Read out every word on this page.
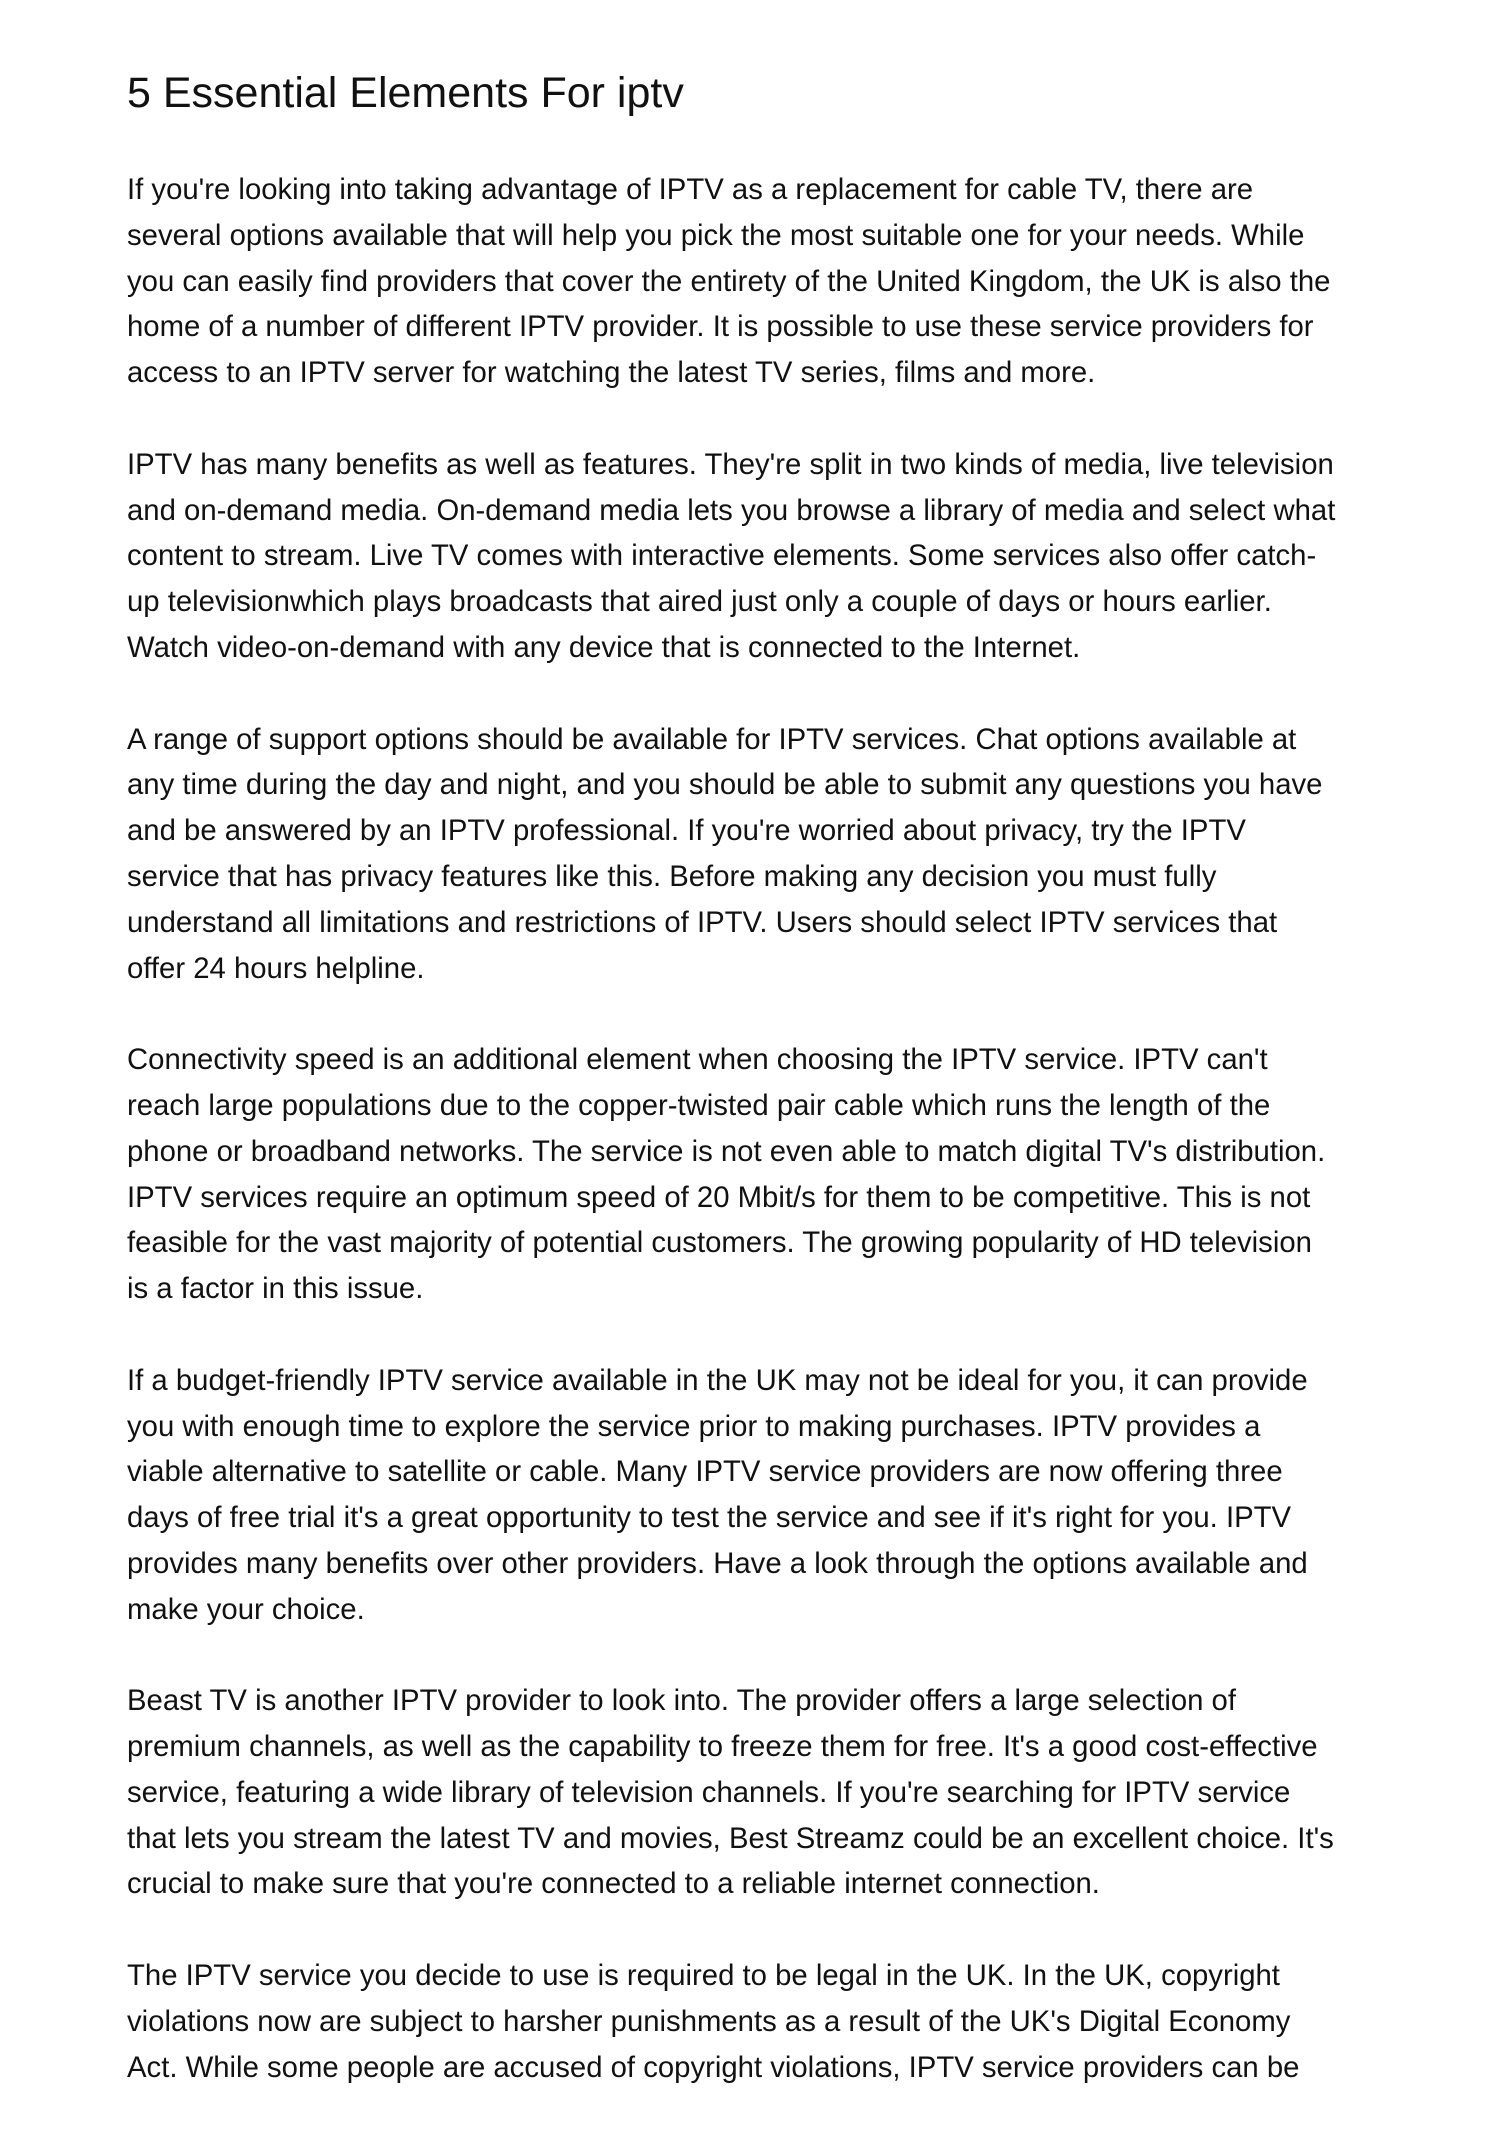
5 Essential Elements For iptv

If you're looking into taking advantage of IPTV as a replacement for cable TV, there are
several options available that will help you pick the most suitable one for your needs. While
you can easily find providers that cover the entirety of the United Kingdom, the UK is also the
home of a number of different IPTV provider. It is possible to use these service providers for
access to an IPTV server for watching the latest TV series, films and more.

IPTV has many benefits as well as features. They're split in two kinds of media, live television
and on-demand media. On-demand media lets you browse a library of media and select what
content to stream. Live TV comes with interactive elements. Some services also offer catch-
up televisionwhich plays broadcasts that aired just only a couple of days or hours earlier.
Watch video-on-demand with any device that is connected to the Internet.

A range of support options should be available for IPTV services. Chat options available at
any time during the day and night, and you should be able to submit any questions you have
and be answered by an IPTV professional. If you're worried about privacy, try the IPTV
service that has privacy features like this. Before making any decision you must fully
understand all limitations and restrictions of IPTV. Users should select IPTV services that
offer 24 hours helpline.

Connectivity speed is an additional element when choosing the IPTV service. IPTV can't
reach large populations due to the copper-twisted pair cable which runs the length of the
phone or broadband networks. The service is not even able to match digital TV's distribution.
IPTV services require an optimum speed of 20 Mbit/s for them to be competitive. This is not
feasible for the vast majority of potential customers. The growing popularity of HD television
is a factor in this issue.

If a budget-friendly IPTV service available in the UK may not be ideal for you, it can provide
you with enough time to explore the service prior to making purchases. IPTV provides a
viable alternative to satellite or cable. Many IPTV service providers are now offering three
days of free trial it's a great opportunity to test the service and see if it's right for you. IPTV
provides many benefits over other providers. Have a look through the options available and
make your choice.

Beast TV is another IPTV provider to look into. The provider offers a large selection of
premium channels, as well as the capability to freeze them for free. It's a good cost-effective
service, featuring a wide library of television channels. If you're searching for IPTV service
that lets you stream the latest TV and movies, Best Streamz could be an excellent choice. It's
crucial to make sure that you're connected to a reliable internet connection.

The IPTV service you decide to use is required to be legal in the UK. In the UK, copyright
violations now are subject to harsher punishments as a result of the UK's Digital Economy
Act. While some people are accused of copyright violations, IPTV service providers can be
